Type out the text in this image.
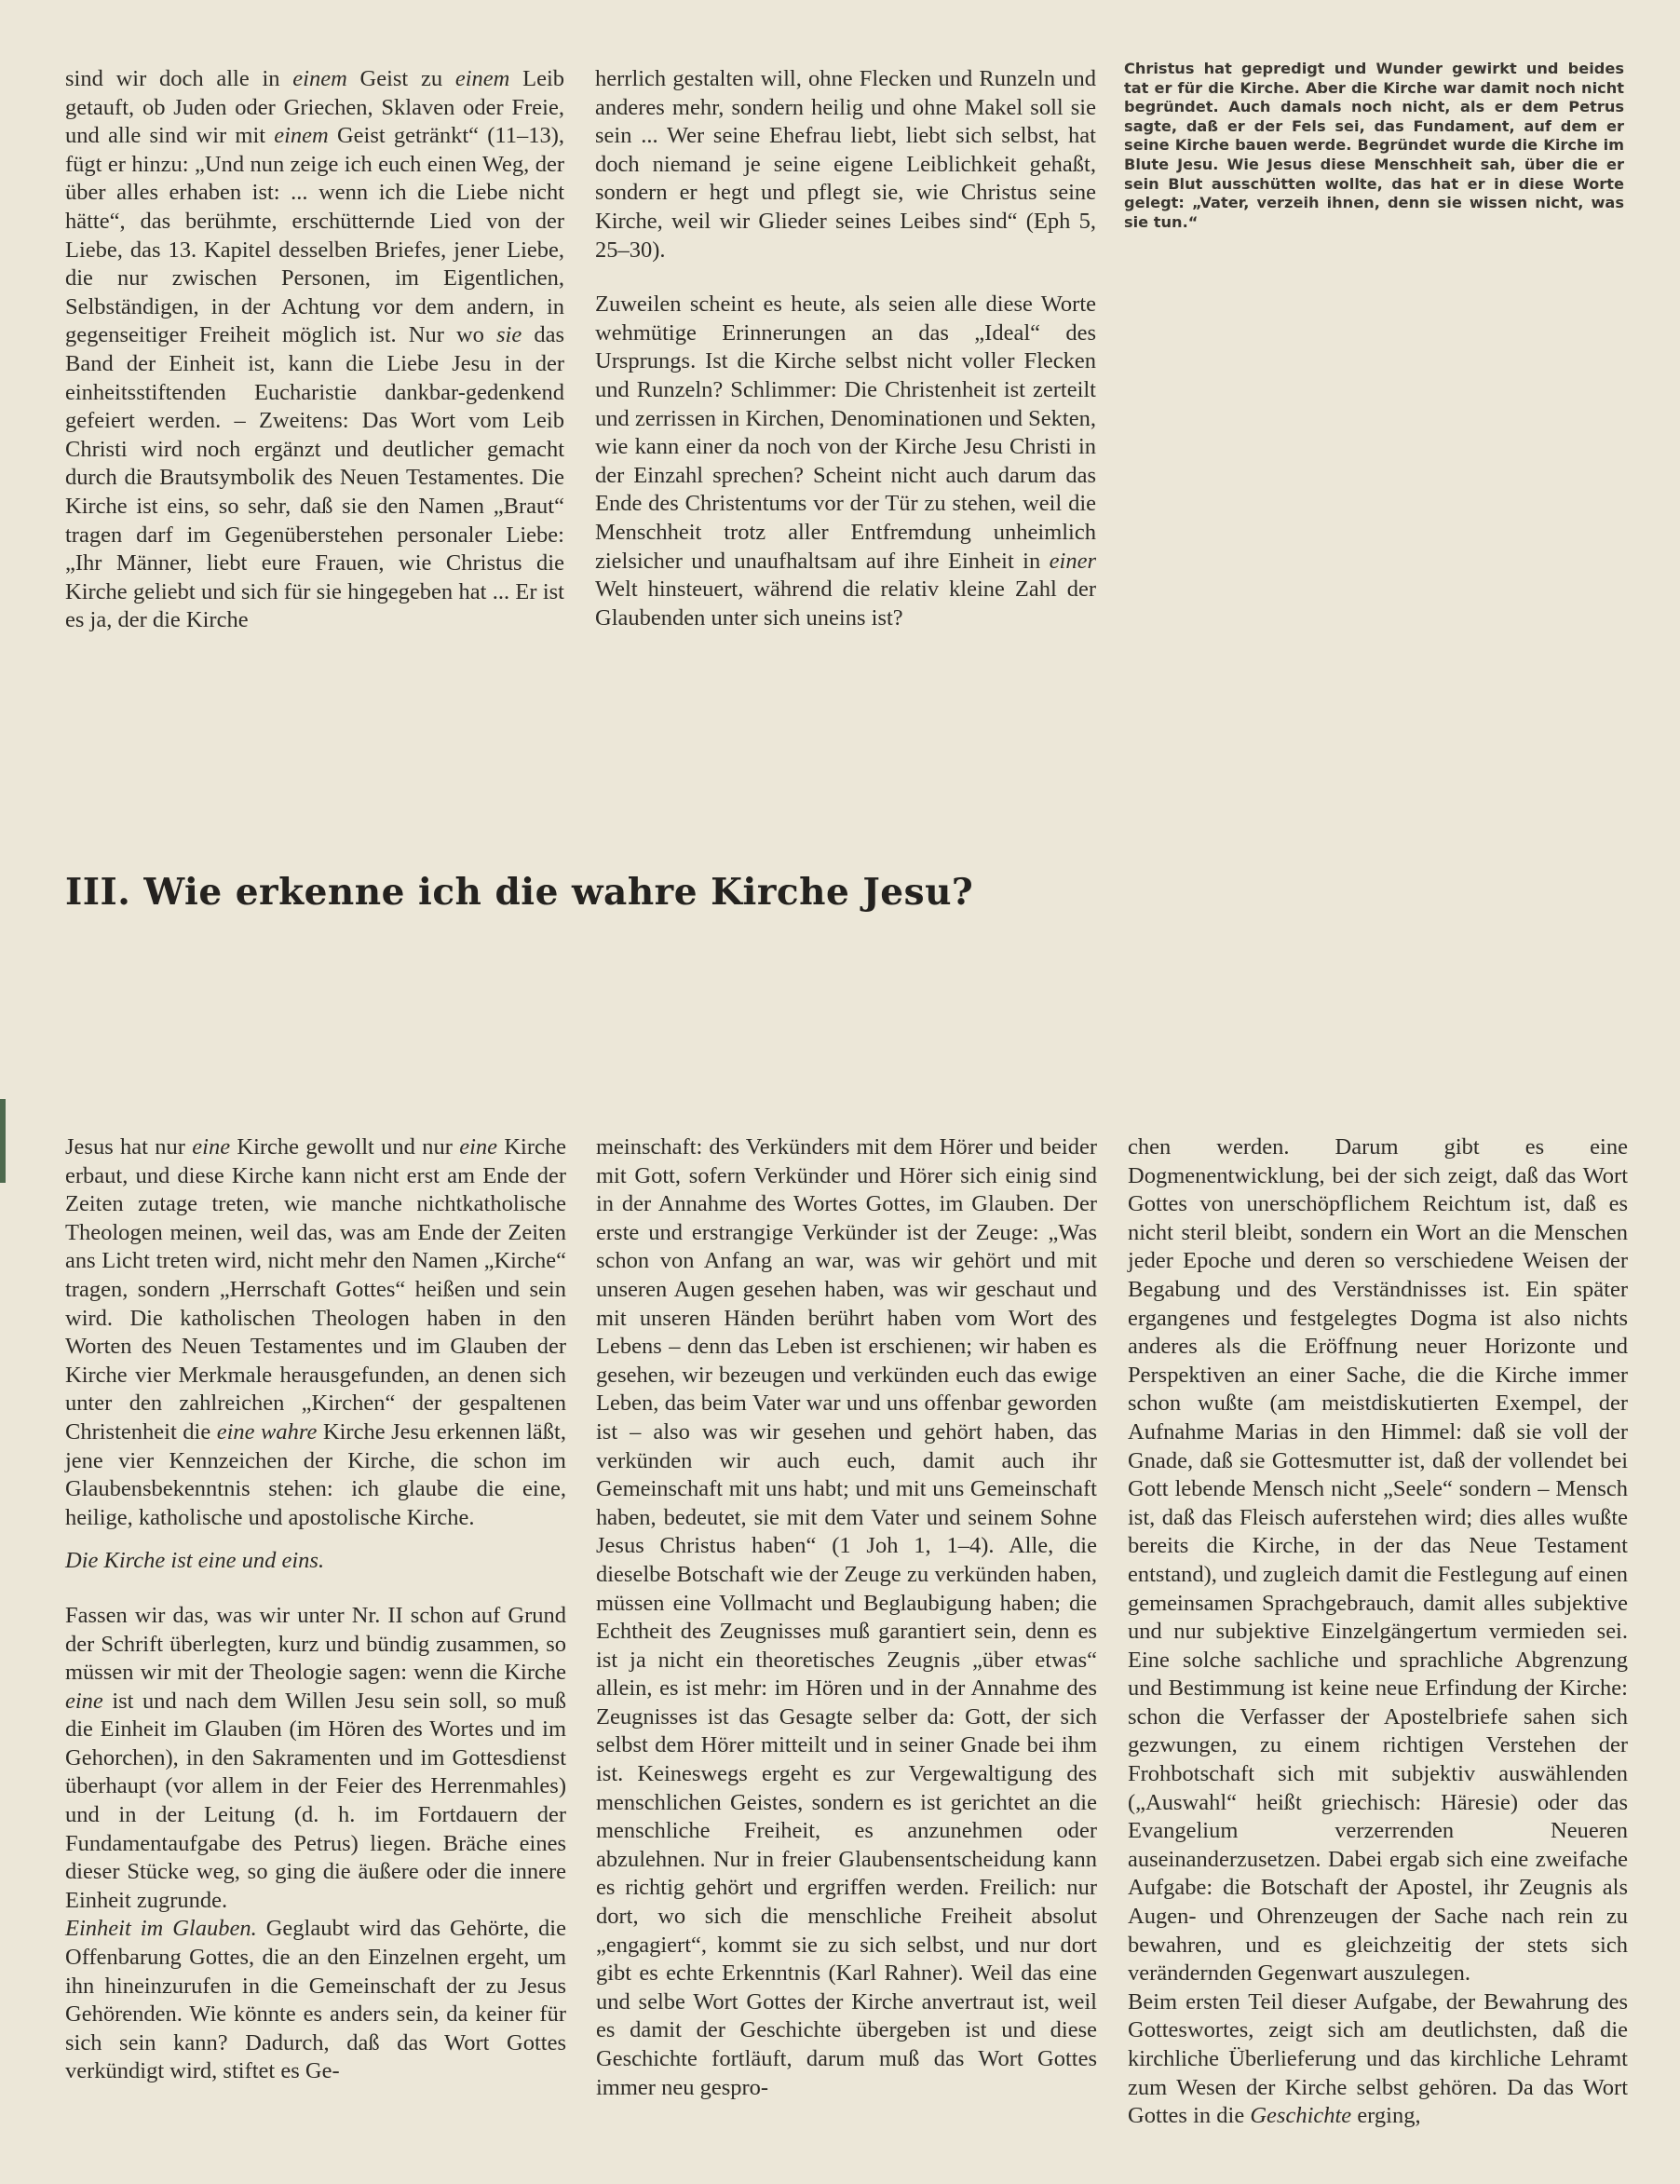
sind wir doch alle in einem Geist zu einem Leib getauft, ob Juden oder Griechen, Sklaven oder Freie, und alle sind wir mit einem Geist getränkt“ (11–13), fügt er hinzu: „Und nun zeige ich euch einen Weg, der über alles erhaben ist: ... wenn ich die Liebe nicht hätte“, das berühmte, erschütternde Lied von der Liebe, das 13. Kapitel desselben Briefes, jener Liebe, die nur zwischen Personen, im Eigentlichen, Selbständigen, in der Achtung vor dem andern, in gegenseitiger Freiheit möglich ist. Nur wo sie das Band der Einheit ist, kann die Liebe Jesu in der einheitsstiftenden Eucharistie dankbar-gedenkend gefeiert werden. – Zweitens: Das Wort vom Leib Christi wird noch ergänzt und deutlicher gemacht durch die Brautsymbolik des Neuen Testamentes. Die Kirche ist eins, so sehr, daß sie den Namen „Braut“ tragen darf im Gegenüberstehen personaler Liebe: „Ihr Männer, liebt eure Frauen, wie Christus die Kirche geliebt und sich für sie hingegeben hat ... Er ist es ja, der die Kirche

herrlich gestalten will, ohne Flecken und Runzeln und anderes mehr, sondern heilig und ohne Makel soll sie sein ... Wer seine Ehefrau liebt, liebt sich selbst, hat doch niemand je seine eigene Leiblichkeit gehaßt, sondern er hegt und pflegt sie, wie Christus seine Kirche, weil wir Glieder seines Leibes sind“ (Eph 5, 25–30).

Zuweilen scheint es heute, als seien alle diese Worte wehmütige Erinnerungen an das „Ideal“ des Ursprungs. Ist die Kirche selbst nicht voller Flecken und Runzeln? Schlimmer: Die Christenheit ist zerteilt und zerrissen in Kirchen, Denominationen und Sekten, wie kann einer da noch von der Kirche Jesu Christi in der Einzahl sprechen? Scheint nicht auch darum das Ende des Christentums vor der Tür zu stehen, weil die Menschheit trotz aller Entfremdung unheimlich zielsicher und unaufhaltsam auf ihre Einheit in einer Welt hinsteuert, während die relativ kleine Zahl der Glaubenden unter sich uneins ist?

Christus hat gepredigt und Wunder gewirkt und beides tat er für die Kirche. Aber die Kirche war damit noch nicht begründet. Auch damals noch nicht, als er dem Petrus sagte, daß er der Fels sei, das Fundament, auf dem er seine Kirche bauen werde. Begründet wurde die Kirche im Blute Jesu. Wie Jesus diese Menschheit sah, über die er sein Blut ausschütten wollte, das hat er in diese Worte gelegt: „Vater, verzeih ihnen, denn sie wissen nicht, was sie tun.“
III. Wie erkenne ich die wahre Kirche Jesu?

Jesus hat nur eine Kirche gewollt und nur eine Kirche erbaut, und diese Kirche kann nicht erst am Ende der Zeiten zutage treten, wie manche nichtkatholische Theologen meinen, weil das, was am Ende der Zeiten ans Licht treten wird, nicht mehr den Namen „Kirche“ tragen, sondern „Herrschaft Gottes“ heißen und sein wird. Die katholischen Theologen haben in den Worten des Neuen Testamentes und im Glauben der Kirche vier Merkmale herausgefunden, an denen sich unter den zahlreichen „Kirchen“ der gespaltenen Christenheit die eine wahre Kirche Jesu erkennen läßt, jene vier Kennzeichen der Kirche, die schon im Glaubensbekenntnis stehen: ich glaube die eine, heilige, katholische und apostolische Kirche.

Die Kirche ist eine und eins.

Fassen wir das, was wir unter Nr. II schon auf Grund der Schrift überlegten, kurz und bündig zusammen, so müssen wir mit der Theologie sagen: wenn die Kirche eine ist und nach dem Willen Jesu sein soll, so muß die Einheit im Glauben (im Hören des Wortes und im Gehorchen), in den Sakramenten und im Gottesdienst überhaupt (vor allem in der Feier des Herrenmahles) und in der Leitung (d. h. im Fortdauern der Fundamentaufgabe des Petrus) liegen. Bräche eines dieser Stücke weg, so ging die äußere oder die innere Einheit zugrunde.

Einheit im Glauben. Geglaubt wird das Gehörte, die Offenbarung Gottes, die an den Einzelnen ergeht, um ihn hineinzurufen in die Gemeinschaft der zu Jesus Gehörenden. Wie könnte es anders sein, da keiner für sich sein kann? Dadurch, daß das Wort Gottes verkündigt wird, stiftet es Ge-

meinschaft: des Verkünders mit dem Hörer und beider mit Gott, sofern Verkünder und Hörer sich einig sind in der Annahme des Wortes Gottes, im Glauben. Der erste und erstrangige Verkünder ist der Zeuge: „Was schon von Anfang an war, was wir gehört und mit unseren Augen gesehen haben, was wir geschaut und mit unseren Händen berührt haben vom Wort des Lebens – denn das Leben ist erschienen; wir haben es gesehen, wir bezeugen und verkünden euch das ewige Leben, das beim Vater war und uns offenbar geworden ist – also was wir gesehen und gehört haben, das verkünden wir auch euch, damit auch ihr Gemeinschaft mit uns habt; und mit uns Gemeinschaft haben, bedeutet, sie mit dem Vater und seinem Sohne Jesus Christus haben“ (1 Joh 1, 1–4). Alle, die dieselbe Botschaft wie der Zeuge zu verkünden haben, müssen eine Vollmacht und Beglaubigung haben; die Echtheit des Zeugnisses muß garantiert sein, denn es ist ja nicht ein theoretisches Zeugnis „über etwas“ allein, es ist mehr: im Hören und in der Annahme des Zeugnisses ist das Gesagte selber da: Gott, der sich selbst dem Hörer mitteilt und in seiner Gnade bei ihm ist. Keineswegs ergeht es zur Vergewaltigung des menschlichen Geistes, sondern es ist gerichtet an die menschliche Freiheit, es anzunehmen oder abzulehnen. Nur in freier Glaubensentscheidung kann es richtig gehört und ergriffen werden. Freilich: nur dort, wo sich die menschliche Freiheit absolut „engagiert“, kommt sie zu sich selbst, und nur dort gibt es echte Erkenntnis (Karl Rahner). Weil das eine und selbe Wort Gottes der Kirche anvertraut ist, weil es damit der Geschichte übergeben ist und diese Geschichte fortläuft, darum muß das Wort Gottes immer neu gespro-

chen werden. Darum gibt es eine Dogmenentwicklung, bei der sich zeigt, daß das Wort Gottes von unerschöpflichem Reichtum ist, daß es nicht steril bleibt, sondern ein Wort an die Menschen jeder Epoche und deren so verschiedene Weisen der Begabung und des Verständnisses ist. Ein später ergangenes und festgelegtes Dogma ist also nichts anderes als die Eröffnung neuer Horizonte und Perspektiven an einer Sache, die die Kirche immer schon wußte (am meistdiskutierten Exempel, der Aufnahme Marias in den Himmel: daß sie voll der Gnade, daß sie Gottesmutter ist, daß der vollendet bei Gott lebende Mensch nicht „Seele“ sondern – Mensch ist, daß das Fleisch auferstehen wird; dies alles wußte bereits die Kirche, in der das Neue Testament entstand), und zugleich damit die Festlegung auf einen gemeinsamen Sprachgebrauch, damit alles subjektive und nur subjektive Einzelgängertum vermieden sei. Eine solche sachliche und sprachliche Abgrenzung und Bestimmung ist keine neue Erfindung der Kirche: schon die Verfasser der Apostelbriefe sahen sich gezwungen, zu einem richtigen Verstehen der Frohbotschaft sich mit subjektiv auswählenden („Auswahl“ heißt griechisch: Häresie) oder das Evangelium verzerrenden Neueren auseinanderzusetzen. Dabei ergab sich eine zweifache Aufgabe: die Botschaft der Apostel, ihr Zeugnis als Augen- und Ohrenzeugen der Sache nach rein zu bewahren, und es gleichzeitig der stets sich verändernden Gegenwart auszulegen.

Beim ersten Teil dieser Aufgabe, der Bewahrung des Gotteswortes, zeigt sich am deutlichsten, daß die kirchliche Überlieferung und das kirchliche Lehramt zum Wesen der Kirche selbst gehören. Da das Wort Gottes in die Geschichte erging,
